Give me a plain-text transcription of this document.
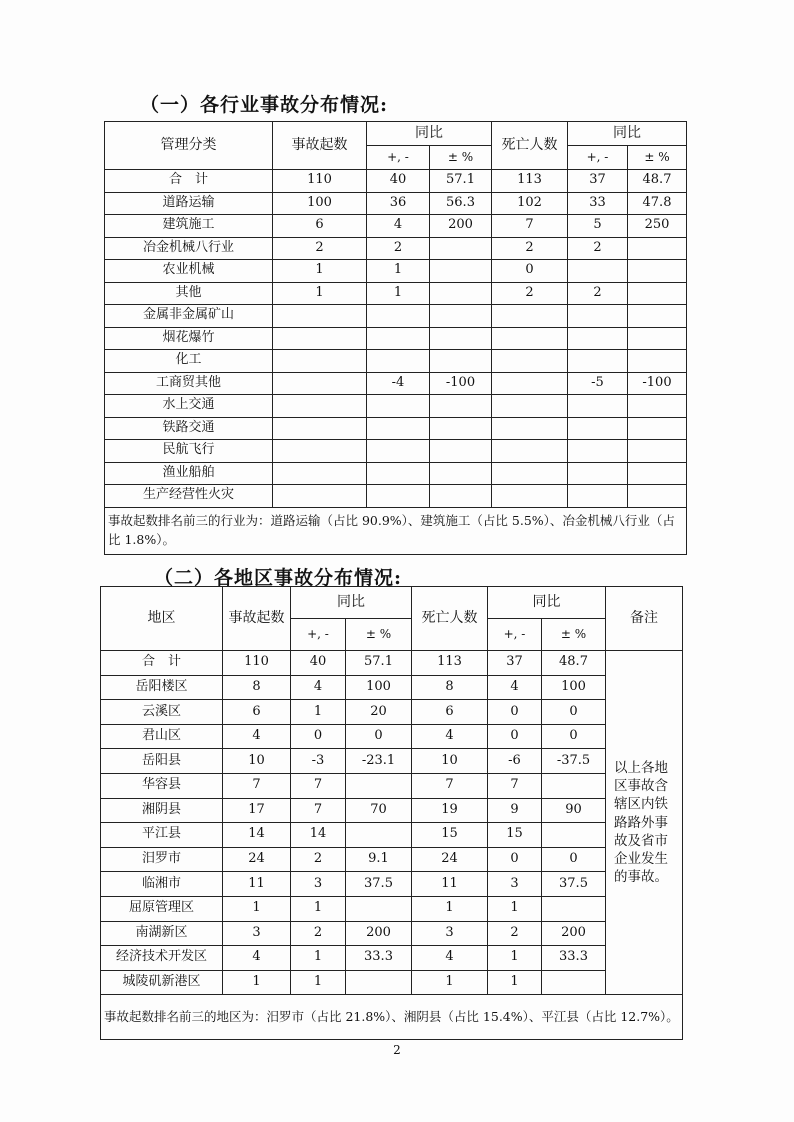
（一）各行业事故分布情况:
管理分类	事故起数	同比		死亡人数	同比	
		+, -	± %		+, -	± %
合　计	110	40	57.1	113	37	48.7
道路运输	100	36	56.3	102	33	47.8
建筑施工	6	4	200	7	5	250
冶金机械八行业	2	2		2	2	
农业机械	1	1		0		
其他	1	1		2	2	
金属非金属矿山						
烟花爆竹						
化工						
工商贸其他		-4	-100		-5	-100
水上交通						
铁路交通						
民航飞行						
渔业船舶						
生产经营性火灾						
事故起数排名前三的行业为：道路运输（占比 90.9%）、建筑施工（占比 5.5%）、冶金机械八行业（占比 1.8%）。						
（二）各地区事故分布情况:
地区	事故起数	同比		死亡人数	同比		备注
		+, -	± %		+, -	± %	
合　计	110	40	57.1	113	37	48.7	以上各地区事故含辖区内铁路路外事故及省市企业发生的事故。
岳阳楼区	8	4	100	8	4	100	
云溪区	6	1	20	6	0	0	
君山区	4	0	0	4	0	0	
岳阳县	10	-3	-23.1	10	-6	-37.5	
华容县	7	7		7	7		
湘阴县	17	7	70	19	9	90	
平江县	14	14		15	15		
汨罗市	24	2	9.1	24	0	0	
临湘市	11	3	37.5	11	3	37.5	
屈原管理区	1	1		1	1		
南湖新区	3	2	200	3	2	200	
经济技术开发区	4	1	33.3	4	1	33.3	
城陵矶新港区	1	1		1	1		
事故起数排名前三的地区为：汨罗市（占比 21.8%）、湘阴县（占比 15.4%）、平江县（占比 12.7%）。							
2
